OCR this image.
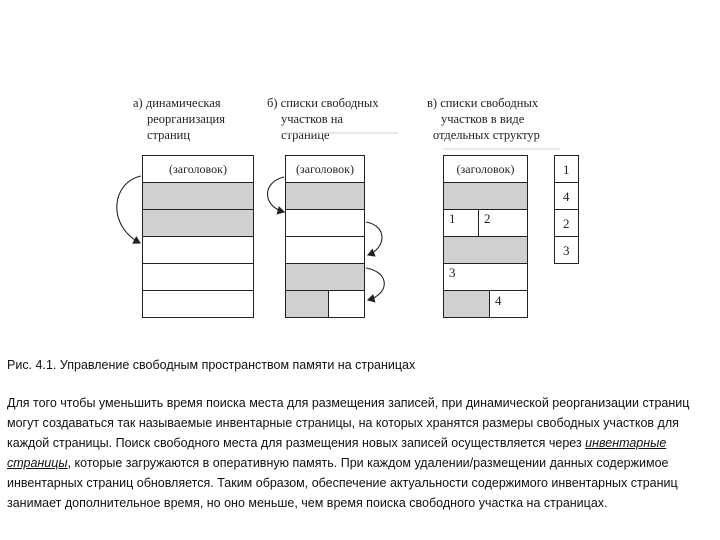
а) динамическая
реорганизация
страниц
б) списки свободных
участков на
странице
в) списки свободных
участков в виде
отдельных структур
(заголовок)	(заголовок)	(заголовок)
1 2
3
4
1
4
2
3
Рис. 4.1. Управление свободным пространством памяти на страницах

Для того чтобы уменьшить время поиска места для размещения записей, при динамической реорганизации страниц могут создаваться так называемые инвентарные страницы, на которых хранятся размеры свободных участков для каждой страницы. Поиск свободного места для размещения новых записей осуществляется через инвентарные страницы, которые загружаются в оперативную память. При каждом удалении/размещении данных содержимое инвентарных страниц обновляется. Таким образом, обеспечение актуальности содержимого инвентарных страниц занимает дополнительное время, но оно меньше, чем время поиска свободного участка на страницах.
